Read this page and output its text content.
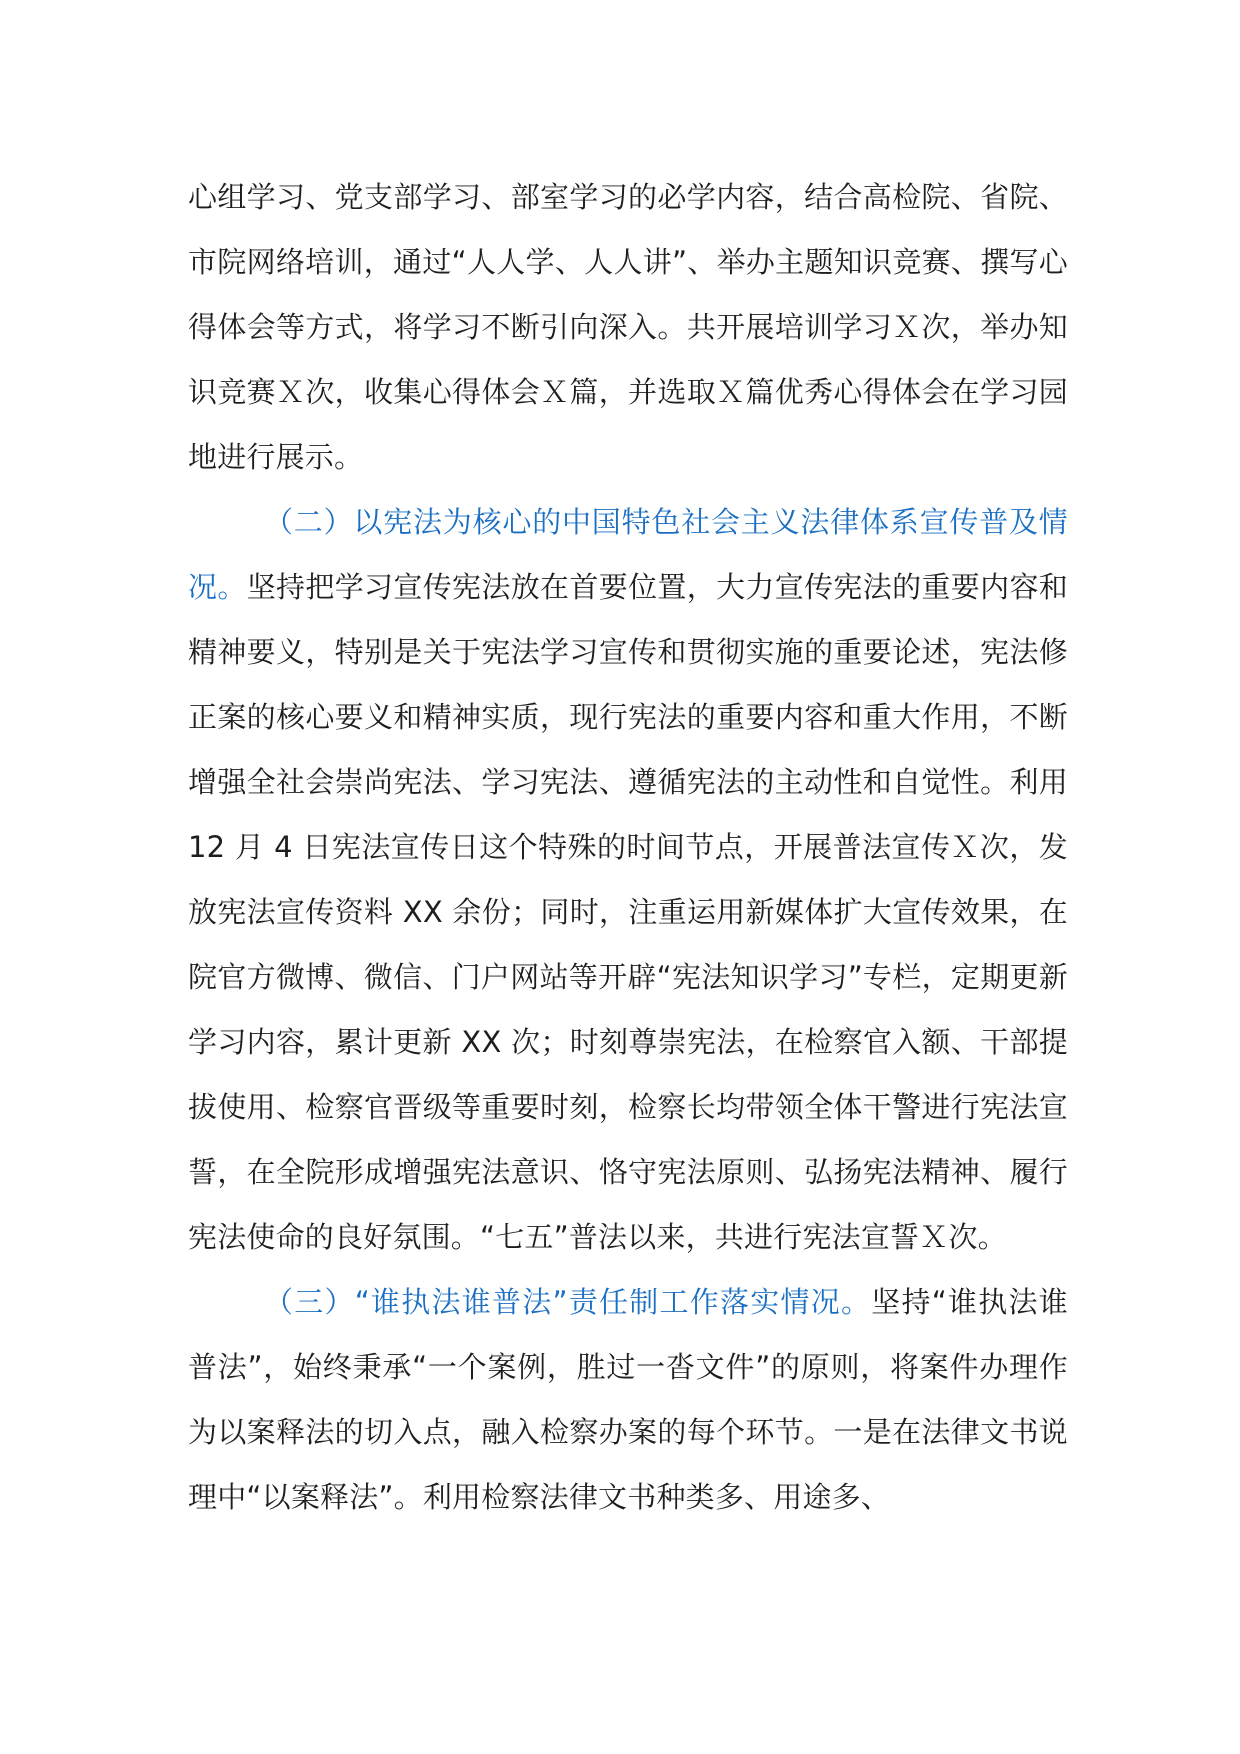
心组学习、党支部学习、部室学习的必学内容，结合高检院、省院、市院网络培训，通过“人人学、人人讲”、举办主题知识竞赛、撰写心得体会等方式，将学习不断引向深入。共开展培训学习Ｘ次，举办知识竞赛Ｘ次，收集心得体会Ｘ篇，并选取Ｘ篇优秀心得体会在学习园地进行展示。

（二）以宪法为核心的中国特色社会主义法律体系宣传普及情况。坚持把学习宣传宪法放在首要位置，大力宣传宪法的重要内容和精神要义，特别是关于宪法学习宣传和贯彻实施的重要论述，宪法修正案的核心要义和精神实质，现行宪法的重要内容和重大作用，不断增强全社会崇尚宪法、学习宪法、遵循宪法的主动性和自觉性。利用 12 月 4 日宪法宣传日这个特殊的时间节点，开展普法宣传Ｘ次，发放宪法宣传资料 XX 余份；同时，注重运用新媒体扩大宣传效果，在院官方微博、微信、门户网站等开辟“宪法知识学习”专栏，定期更新学习内容，累计更新 XX 次；时刻尊崇宪法，在检察官入额、干部提拔使用、检察官晋级等重要时刻，检察长均带领全体干警进行宪法宣誓，在全院形成增强宪法意识、恪守宪法原则、弘扬宪法精神、履行宪法使命的良好氛围。“七五”普法以来，共进行宪法宣誓Ｘ次。

（三）“谁执法谁普法”责任制工作落实情况。坚持“谁执法谁普法”，始终秉承“一个案例，胜过一沓文件”的原则，将案件办理作为以案释法的切入点，融入检察办案的每个环节。一是在法律文书说理中“以案释法”。利用检察法律文书种类多、用途多、
